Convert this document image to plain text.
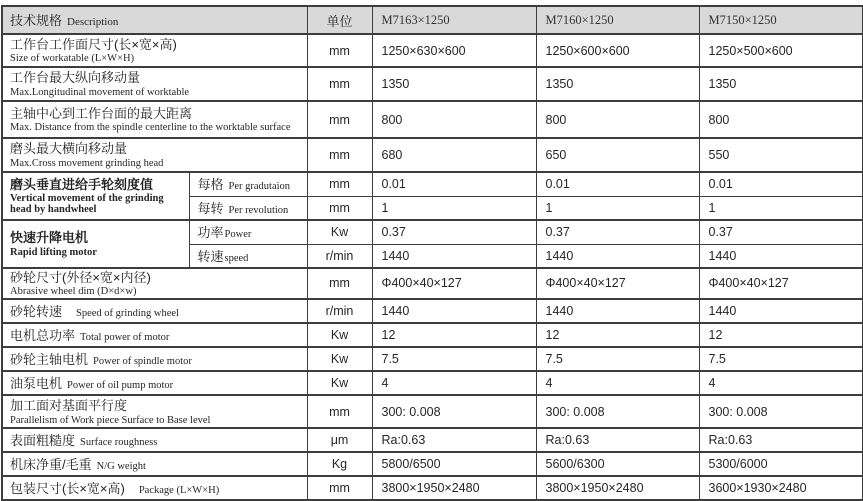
技术规格 Description		单位	M7163×1250	M7160×1250	M7150×1250

工作台工作面尺寸(长×宽×高)
Size of workatable (L×W×H)		mm	1250×630×600	1250×600×600	1250×500×600

工作台最大纵向移动量
Max.Longitudinal movement of worktable		mm	1350	1350	1350

主轴中心到工作台面的最大距离
Max. Distance from the spindle centerline to the worktable surface		mm	800	800	800

磨头最大横向移动量
Max.Cross movement grinding head		mm	680	650	550

磨头垂直进给手轮刻度值
Vertical movement of the grinding head by handwheel	每格 Per gradutaion	mm	0.01	0.01	0.01
	每转 Per revolution	mm	1	1	1

快速升降电机
Rapid lifting motor	功率Power	Kw	0.37	0.37	0.37
	转速speed	r/min	1440	1440	1440

砂轮尺寸(外径×宽×内径)
Abrasive wheel dim (D×d×w)		mm	Φ400×40×127	Φ400×40×127	Φ400×40×127
砂轮转速 Speed of grinding wheel		r/min	1440	1440	1440
电机总功率 Total power of motor		Kw	12	12	12
砂轮主轴电机 Power of spindle motor		Kw	7.5	7.5	7.5
油泵电机 Power of oil pump motor		Kw	4	4	4

加工面对基面平行度
Parallelism of Work piece Surface to Base level		mm	300: 0.008	300: 0.008	300: 0.008
表面粗糙度 Surface roughness		μm	Ra:0.63	Ra:0.63	Ra:0.63
机床净重/毛重 N/G weight		Kg	5800/6500	5600/6300	5300/6000
包装尺寸(长×宽×高) Package (L×W×H)		mm	3800×1950×2480	3800×1950×2480	3600×1930×2480
